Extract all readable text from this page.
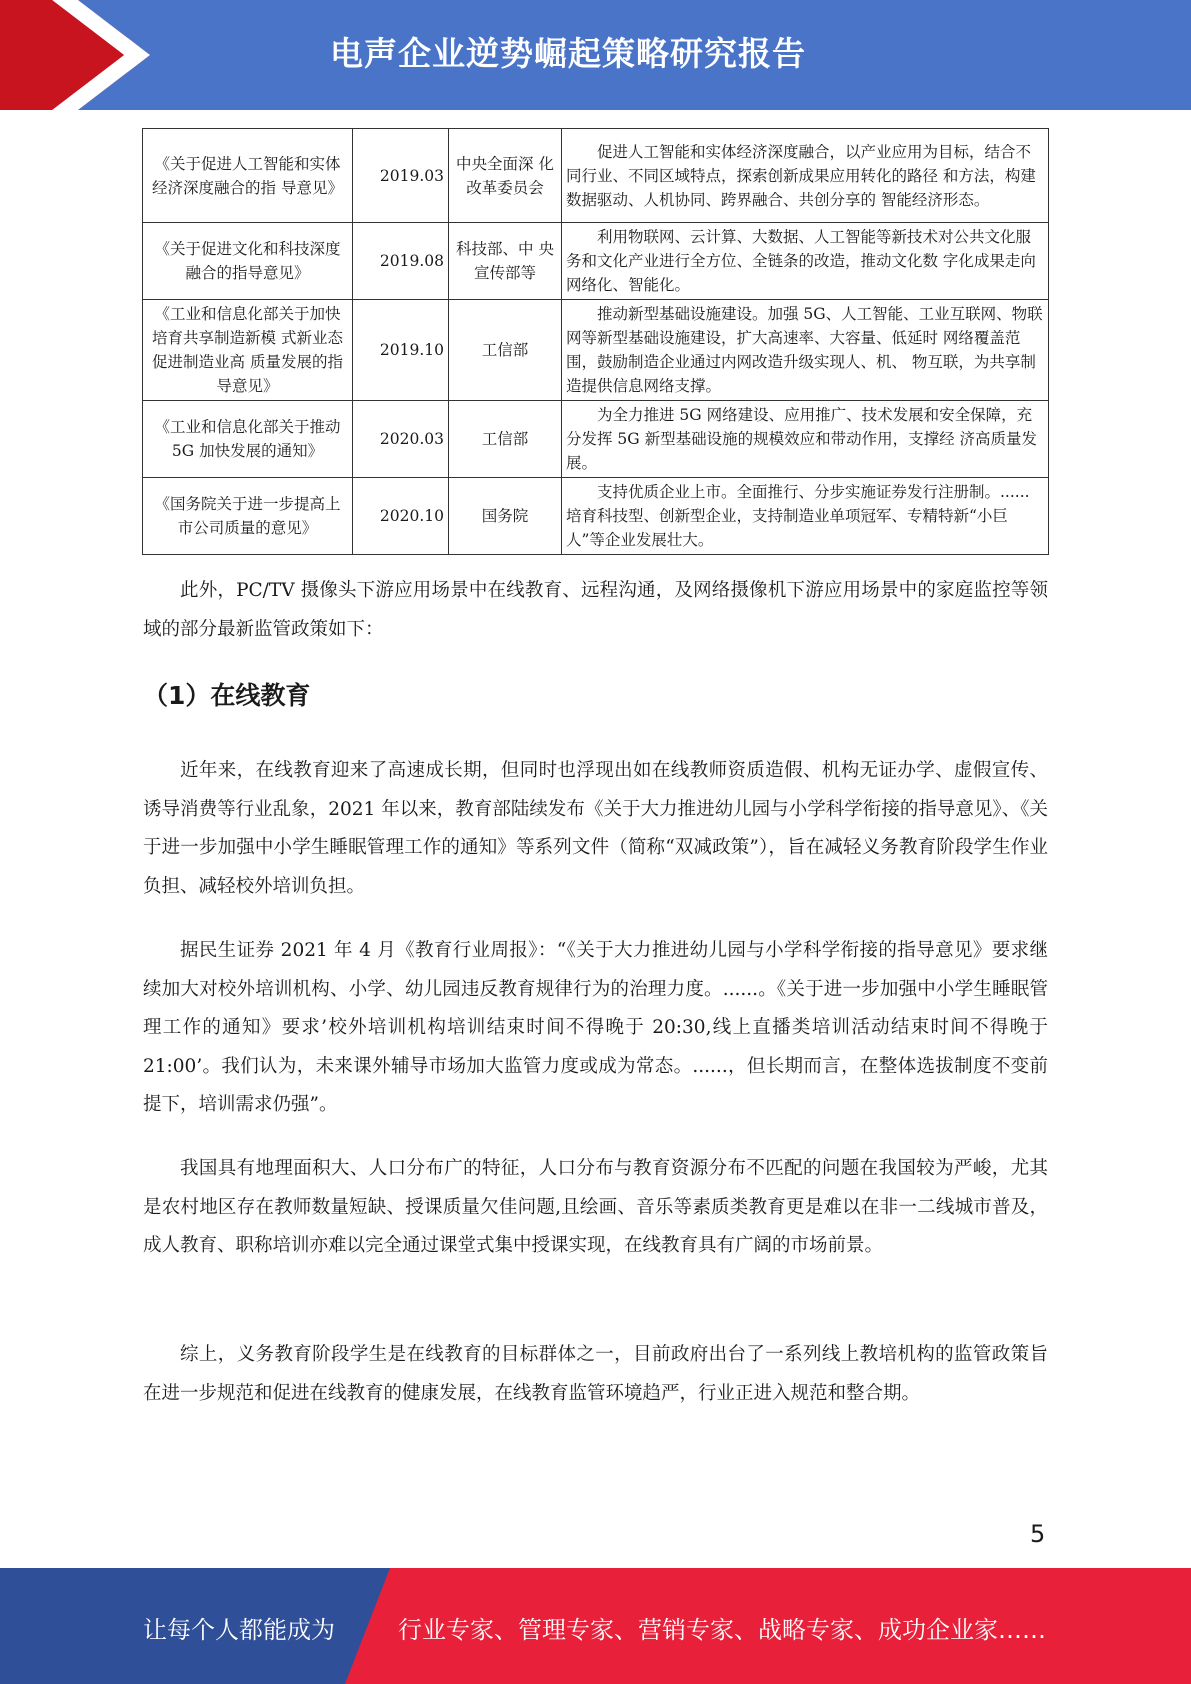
电声企业逆势崛起策略研究报告
《关于促进人工智能和实体经济深度融合的指 导意见》	2019.03	中央全面深 化改革委员会	促进人工智能和实体经济深度融合，以产业应用为目标，结合不同行业、不同区域特点，探索创新成果应用转化的路径 和方法，构建数据驱动、人机协同、跨界融合、共创分享的 智能经济形态。
《关于促进文化和科技深度融合的指导意见》	2019.08	科技部、中 央宣传部等	利用物联网、云计算、大数据、人工智能等新技术对公共文化服务和文化产业进行全方位、全链条的改造，推动文化数 字化成果走向网络化、智能化。
《工业和信息化部关于加快培育共享制造新模 式新业态促进制造业高 质量发展的指导意见》	2019.10	工信部	推动新型基础设施建设。加强 5G、人工智能、工业互联网、物联网等新型基础设施建设，扩大高速率、大容量、低延时 网络覆盖范围，鼓励制造企业通过内网改造升级实现人、机、 物互联，为共享制造提供信息网络支撑。
《工业和信息化部关于推动 5G 加快发展的通知》	2020.03	工信部	为全力推进 5G 网络建设、应用推广、技术发展和安全保障，充分发挥 5G 新型基础设施的规模效应和带动作用，支撑经 济高质量发展。
《国务院关于进一步提高上市公司质量的意见》	2020.10	国务院	支持优质企业上市。全面推行、分步实施证券发行注册制。......培育科技型、创新型企业，支持制造业单项冠军、专精特新“小巨人”等企业发展壮大。

此外，PC/TV 摄像头下游应用场景中在线教育、远程沟通，及网络摄像机下游应用场景中的家庭监控等领域的部分最新监管政策如下：

（1）在线教育

近年来，在线教育迎来了高速成长期，但同时也浮现出如在线教师资质造假、机构无证办学、虚假宣传、诱导消费等行业乱象，2021 年以来，教育部陆续发布《关于大力推进幼儿园与小学科学衔接的指导意见》、《关于进一步加强中小学生睡眠管理工作的通知》等系列文件（简称“双减政策”），旨在减轻义务教育阶段学生作业负担、减轻校外培训负担。

据民生证券 2021 年 4 月《教育行业周报》：“《关于大力推进幼儿园与小学科学衔接的指导意见》要求继续加大对校外培训机构、小学、幼儿园违反教育规律行为的治理力度。......。《关于进一步加强中小学生睡眠管理工作的通知》要求’校外培训机构培训结束时间不得晚于 20:30,线上直播类培训活动结束时间不得晚于 21:00’。我们认为，未来课外辅导市场加大监管力度或成为常态。......，但长期而言，在整体选拔制度不变前提下，培训需求仍强”。

我国具有地理面积大、人口分布广的特征，人口分布与教育资源分布不匹配的问题在我国较为严峻，尤其是农村地区存在教师数量短缺、授课质量欠佳问题,且绘画、音乐等素质类教育更是难以在非一二线城市普及，成人教育、职称培训亦难以完全通过课堂式集中授课实现，在线教育具有广阔的市场前景。

综上，义务教育阶段学生是在线教育的目标群体之一，目前政府出台了一系列线上教培机构的监管政策旨在进一步规范和促进在线教育的健康发展，在线教育监管环境趋严，行业正进入规范和整合期。

5
让每个人都能成为	行业专家、管理专家、营销专家、战略专家、成功企业家……
